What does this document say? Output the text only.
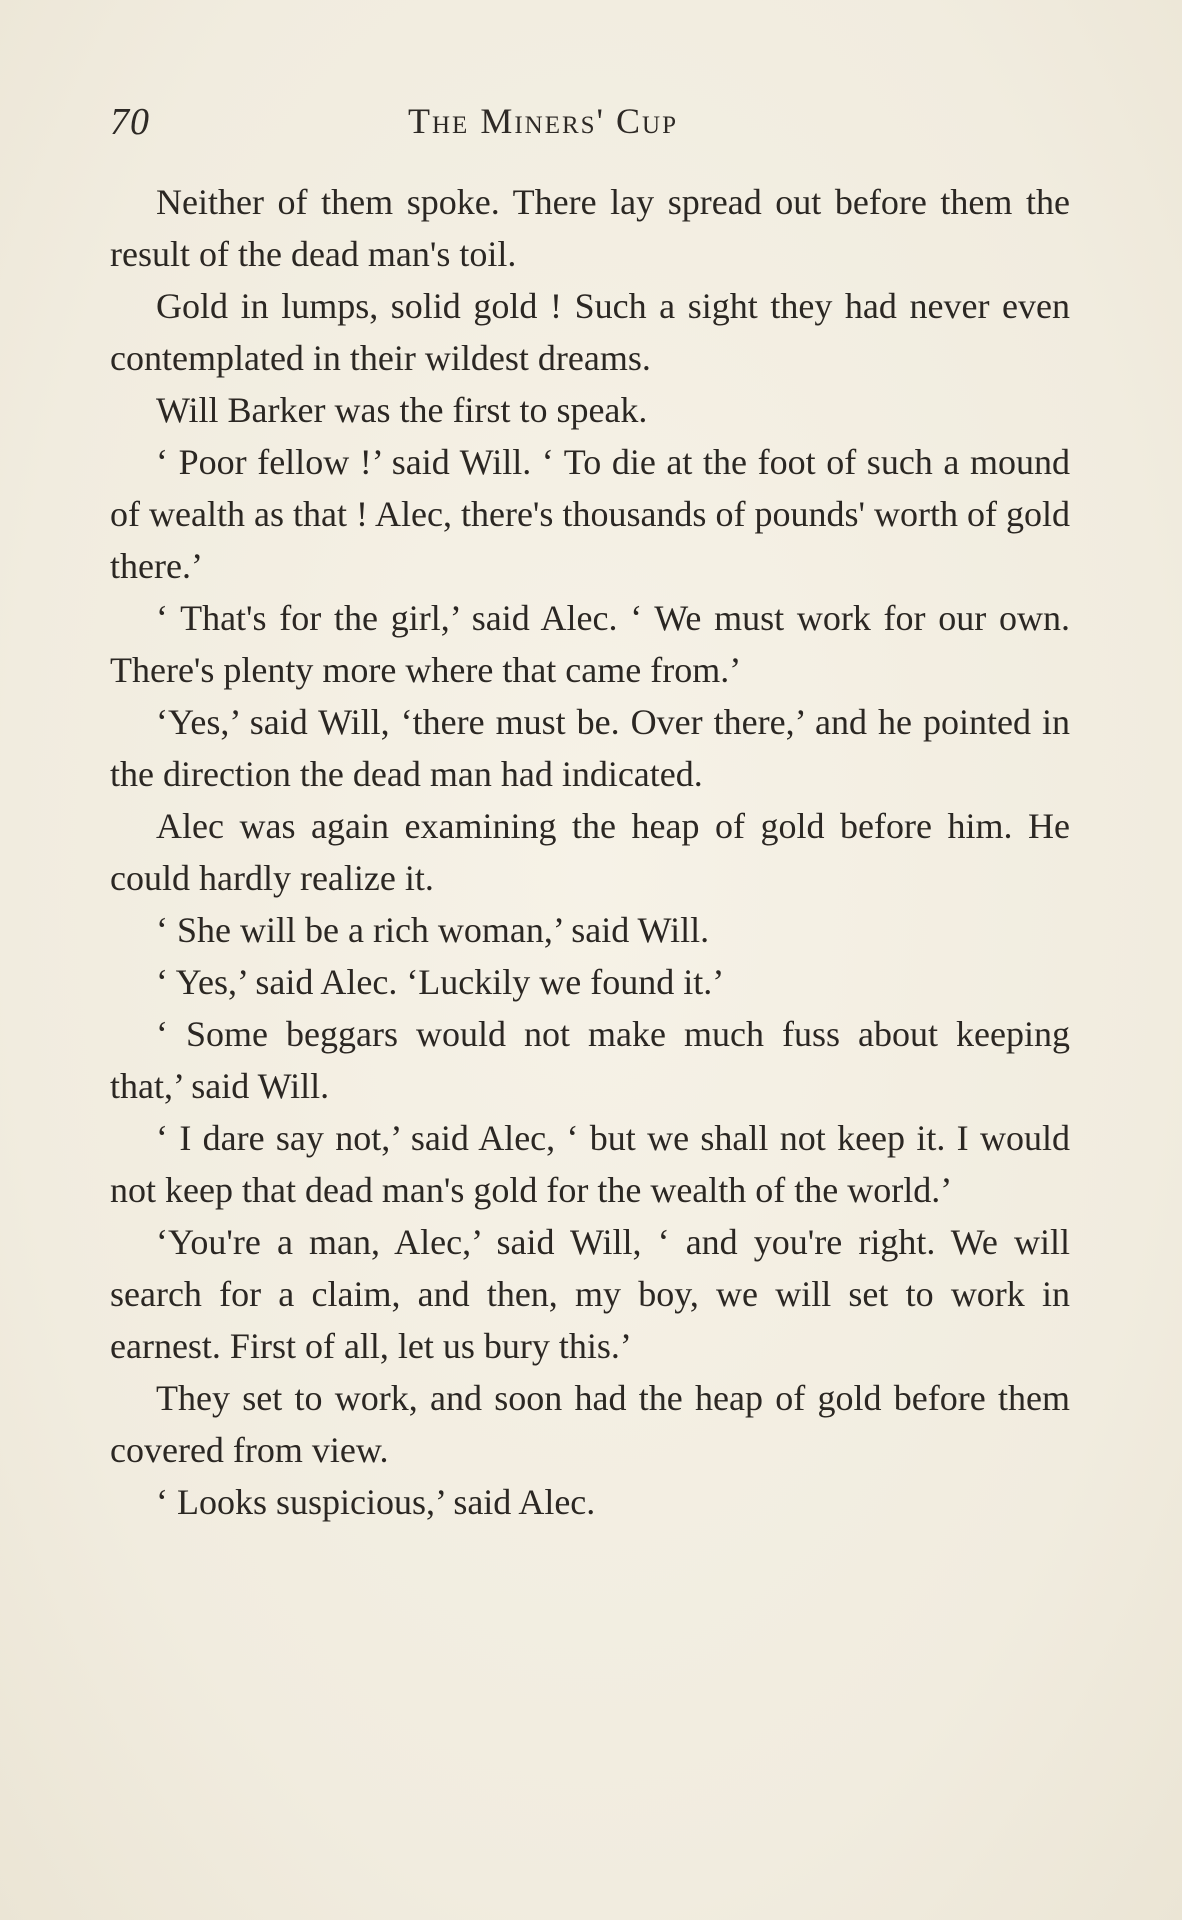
70	The Miners' Cup

Neither of them spoke. There lay spread out before them the result of the dead man's toil.

Gold in lumps, solid gold ! Such a sight they had never even contemplated in their wildest dreams.

Will Barker was the first to speak.

‘ Poor fellow !’ said Will. ‘ To die at the foot of such a mound of wealth as that ! Alec, there's thousands of pounds' worth of gold there.’

‘ That's for the girl,’ said Alec. ‘ We must work for our own. There's plenty more where that came from.’

‘Yes,’ said Will, ‘there must be. Over there,’ and he pointed in the direction the dead man had indicated.

Alec was again examining the heap of gold before him. He could hardly realize it.

‘ She will be a rich woman,’ said Will.

‘ Yes,’ said Alec. ‘Luckily we found it.’

‘ Some beggars would not make much fuss about keeping that,’ said Will.

‘ I dare say not,’ said Alec, ‘ but we shall not keep it. I would not keep that dead man's gold for the wealth of the world.’

‘You're a man, Alec,’ said Will, ‘ and you're right. We will search for a claim, and then, my boy, we will set to work in earnest. First of all, let us bury this.’

They set to work, and soon had the heap of gold before them covered from view.

‘ Looks suspicious,’ said Alec.
